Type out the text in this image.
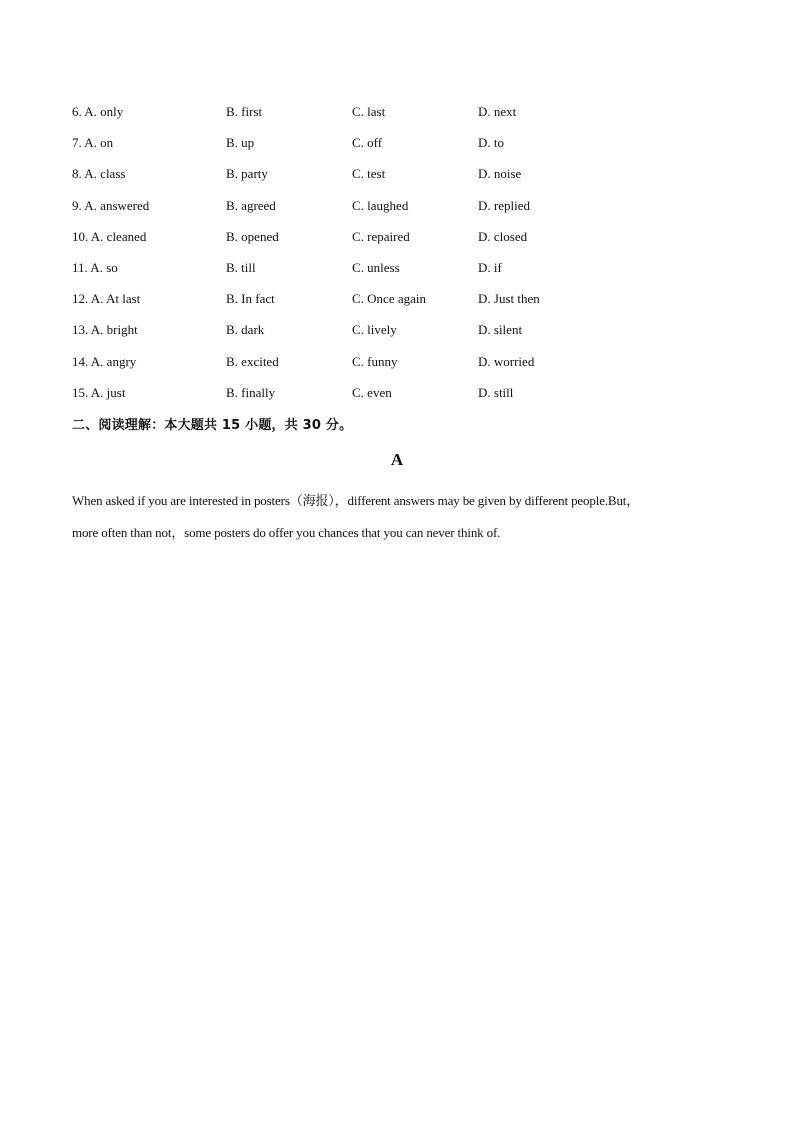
6. A. only	B. first	C. last	D. next
7. A. on	B. up	C. off	D. to
8. A. class	B. party	C. test	D. noise
9. A. answered	B. agreed	C. laughed	D. replied
10. A. cleaned	B. opened	C. repaired	D. closed
11. A. so	B. till	C. unless	D. if
12. A. At last	B. In fact	C. Once again	D. Just then
13. A. bright	B. dark	C. lively	D. silent
14. A. angry	B. excited	C. funny	D. worried
15. A. just	B. finally	C. even	D. still
二、阅读理解：本大题共 15 小题，共 30 分。
A

When asked if you are interested in posters（海报），different answers may be given by different people.But，

more often than not，some posters do offer you chances that you can never think of.
